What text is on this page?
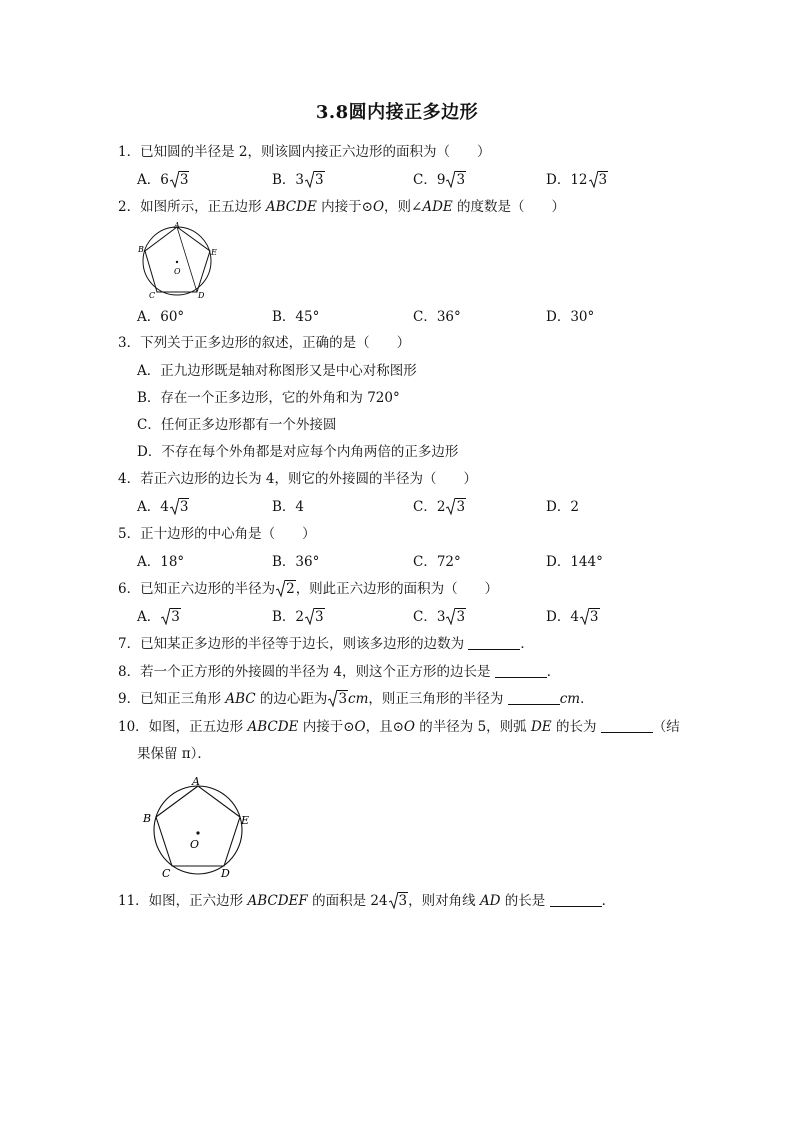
3.8圆内接正多边形
1．已知圆的半径是 2，则该圆内接正六边形的面积为（　　）
A．6 3	B．3 3	C．9 3	D．12 3
2．如图所示，正五边形 ABCDE 内接于⊙O，则∠ADE 的度数是（　　）
A
B
C	D
E
O
A．60°	B．45°	C．36°	D．30°
3．下列关于正多边形的叙述，正确的是（　　）
A．正九边形既是轴对称图形又是中心对称图形
B．存在一个正多边形，它的外角和为 720°
C．任何正多边形都有一个外接圆
D．不存在每个外角都是对应每个内角两倍的正多边形
4．若正六边形的边长为 4，则它的外接圆的半径为（　　）
A．4 3	B．4	C．2 3	D．2
5．正十边形的中心角是（　　）
A．18°	B．36°	C．72°	D．144°
6．已知正六边形的半径为 2，则此正六边形的面积为（　　）
A． 3	B．2 3	C．3 3	D．4 3
7．已知某正多边形的半径等于边长，则该多边形的边数为	．
8．若一个正方形的外接圆的半径为 4，则这个正方形的边长是	．
9．已知正三角形 ABC 的边心距为 3cm，则正三角形的半径为	cm．
10．如图，正五边形 ABCDE 内接于⊙O，且⊙O 的半径为 5，则弧 DE 的长为	（结
果保留 π）．
A
B
C	D
E
O
11．如图，正六边形 ABCDEF 的面积是 24 3，则对角线 AD 的长是	．
